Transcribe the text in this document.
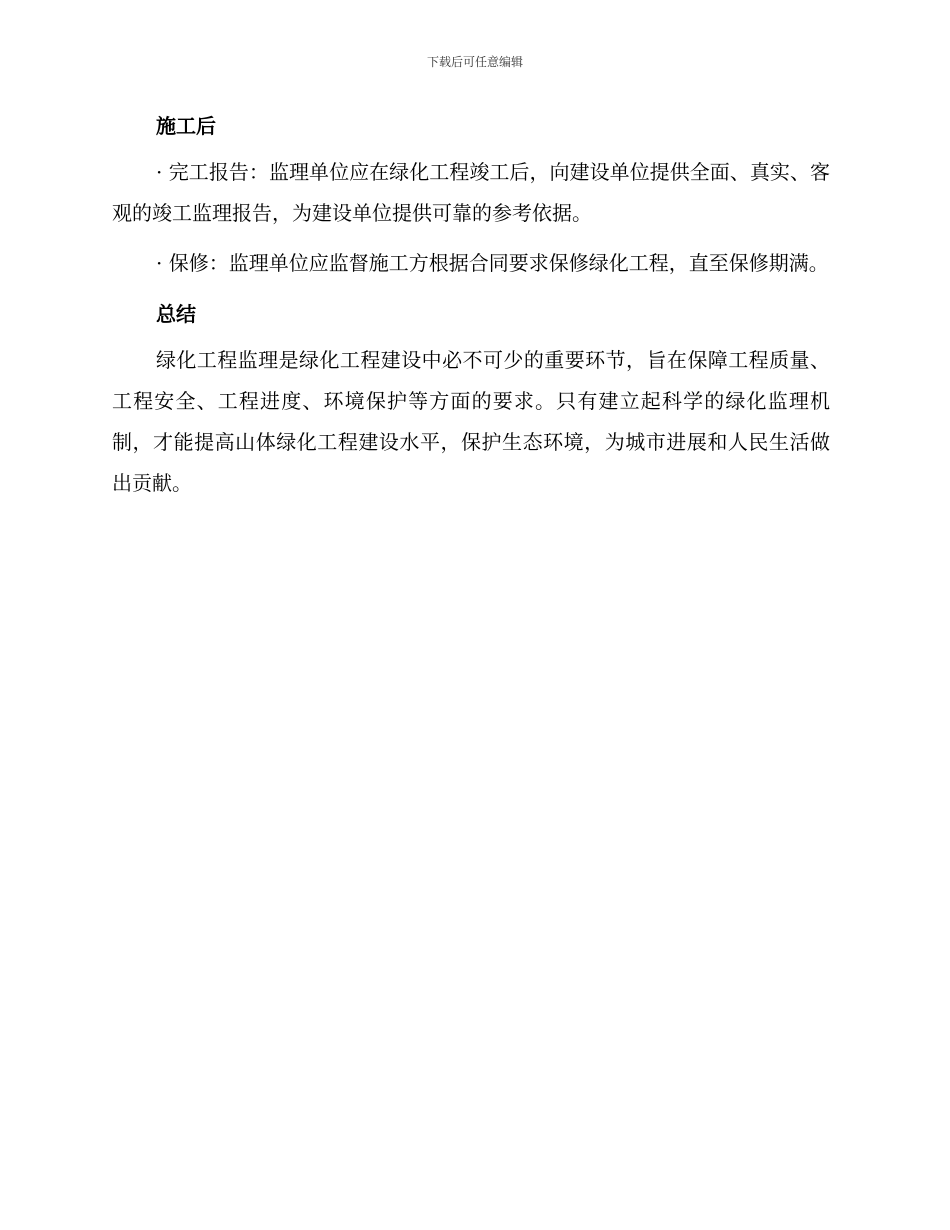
下载后可任意编辑
施工后

· 完工报告：监理单位应在绿化工程竣工后，向建设单位提供全面、真实、客观的竣工监理报告，为建设单位提供可靠的参考依据。

· 保修：监理单位应监督施工方根据合同要求保修绿化工程，直至保修期满。

总结

绿化工程监理是绿化工程建设中必不可少的重要环节，旨在保障工程质量、工程安全、工程进度、环境保护等方面的要求。只有建立起科学的绿化监理机制，才能提高山体绿化工程建设水平，保护生态环境，为城市进展和人民生活做出贡献。
